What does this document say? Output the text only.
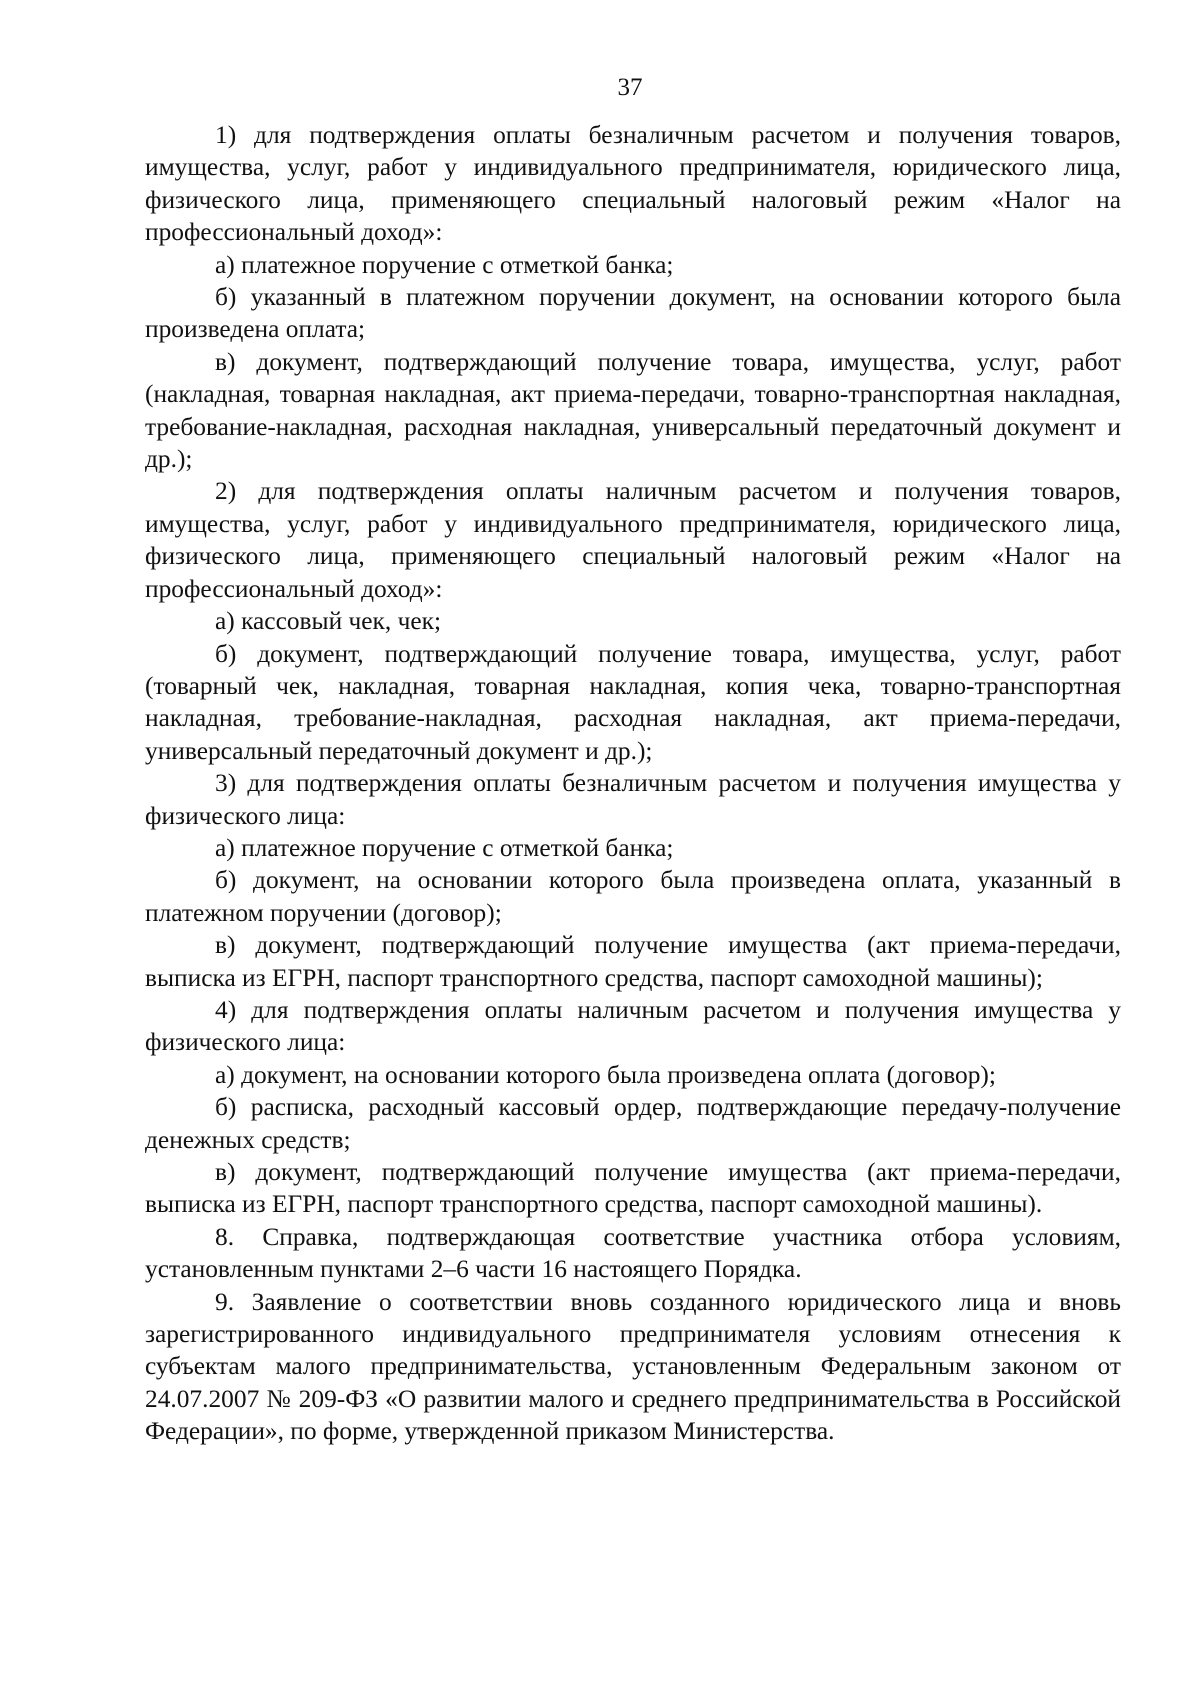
37

1) для подтверждения оплаты безналичным расчетом и получения товаров, имущества, услуг, работ у индивидуального предпринимателя, юридического лица, физического лица, применяющего специальный налоговый режим «Налог на профессиональный доход»:

а) платежное поручение с отметкой банка;

б) указанный в платежном поручении документ, на основании которого была произведена оплата;

в) документ, подтверждающий получение товара, имущества, услуг, работ (накладная, товарная накладная, акт приема-передачи, товарно-транспортная накладная, требование-накладная, расходная накладная, универсальный передаточный документ и др.);

2) для подтверждения оплаты наличным расчетом и получения товаров, имущества, услуг, работ у индивидуального предпринимателя, юридического лица, физического лица, применяющего специальный налоговый режим «Налог на профессиональный доход»:

а) кассовый чек, чек;

б) документ, подтверждающий получение товара, имущества, услуг, работ (товарный чек, накладная, товарная накладная, копия чека, товарно-транспортная накладная, требование-накладная, расходная накладная, акт приема-передачи, универсальный передаточный документ и др.);

3) для подтверждения оплаты безналичным расчетом и получения имущества у физического лица:

а) платежное поручение с отметкой банка;

б) документ, на основании которого была произведена оплата, указанный в платежном поручении (договор);

в) документ, подтверждающий получение имущества (акт приема-передачи, выписка из ЕГРН, паспорт транспортного средства, паспорт самоходной машины);

4) для подтверждения оплаты наличным расчетом и получения имущества у физического лица:

а) документ, на основании которого была произведена оплата (договор);

б) расписка, расходный кассовый ордер, подтверждающие передачу-получение денежных средств;

в) документ, подтверждающий получение имущества (акт приема-передачи, выписка из ЕГРН, паспорт транспортного средства, паспорт самоходной машины).

8. Справка, подтверждающая соответствие участника отбора условиям, установленным пунктами 2–6 части 16 настоящего Порядка.

9. Заявление о соответствии вновь созданного юридического лица и вновь зарегистрированного индивидуального предпринимателя условиям отнесения к субъектам малого предпринимательства, установленным Федеральным законом от 24.07.2007 № 209-ФЗ «О развитии малого и среднего предпринимательства в Российской Федерации», по форме, утвержденной приказом Министерства.
